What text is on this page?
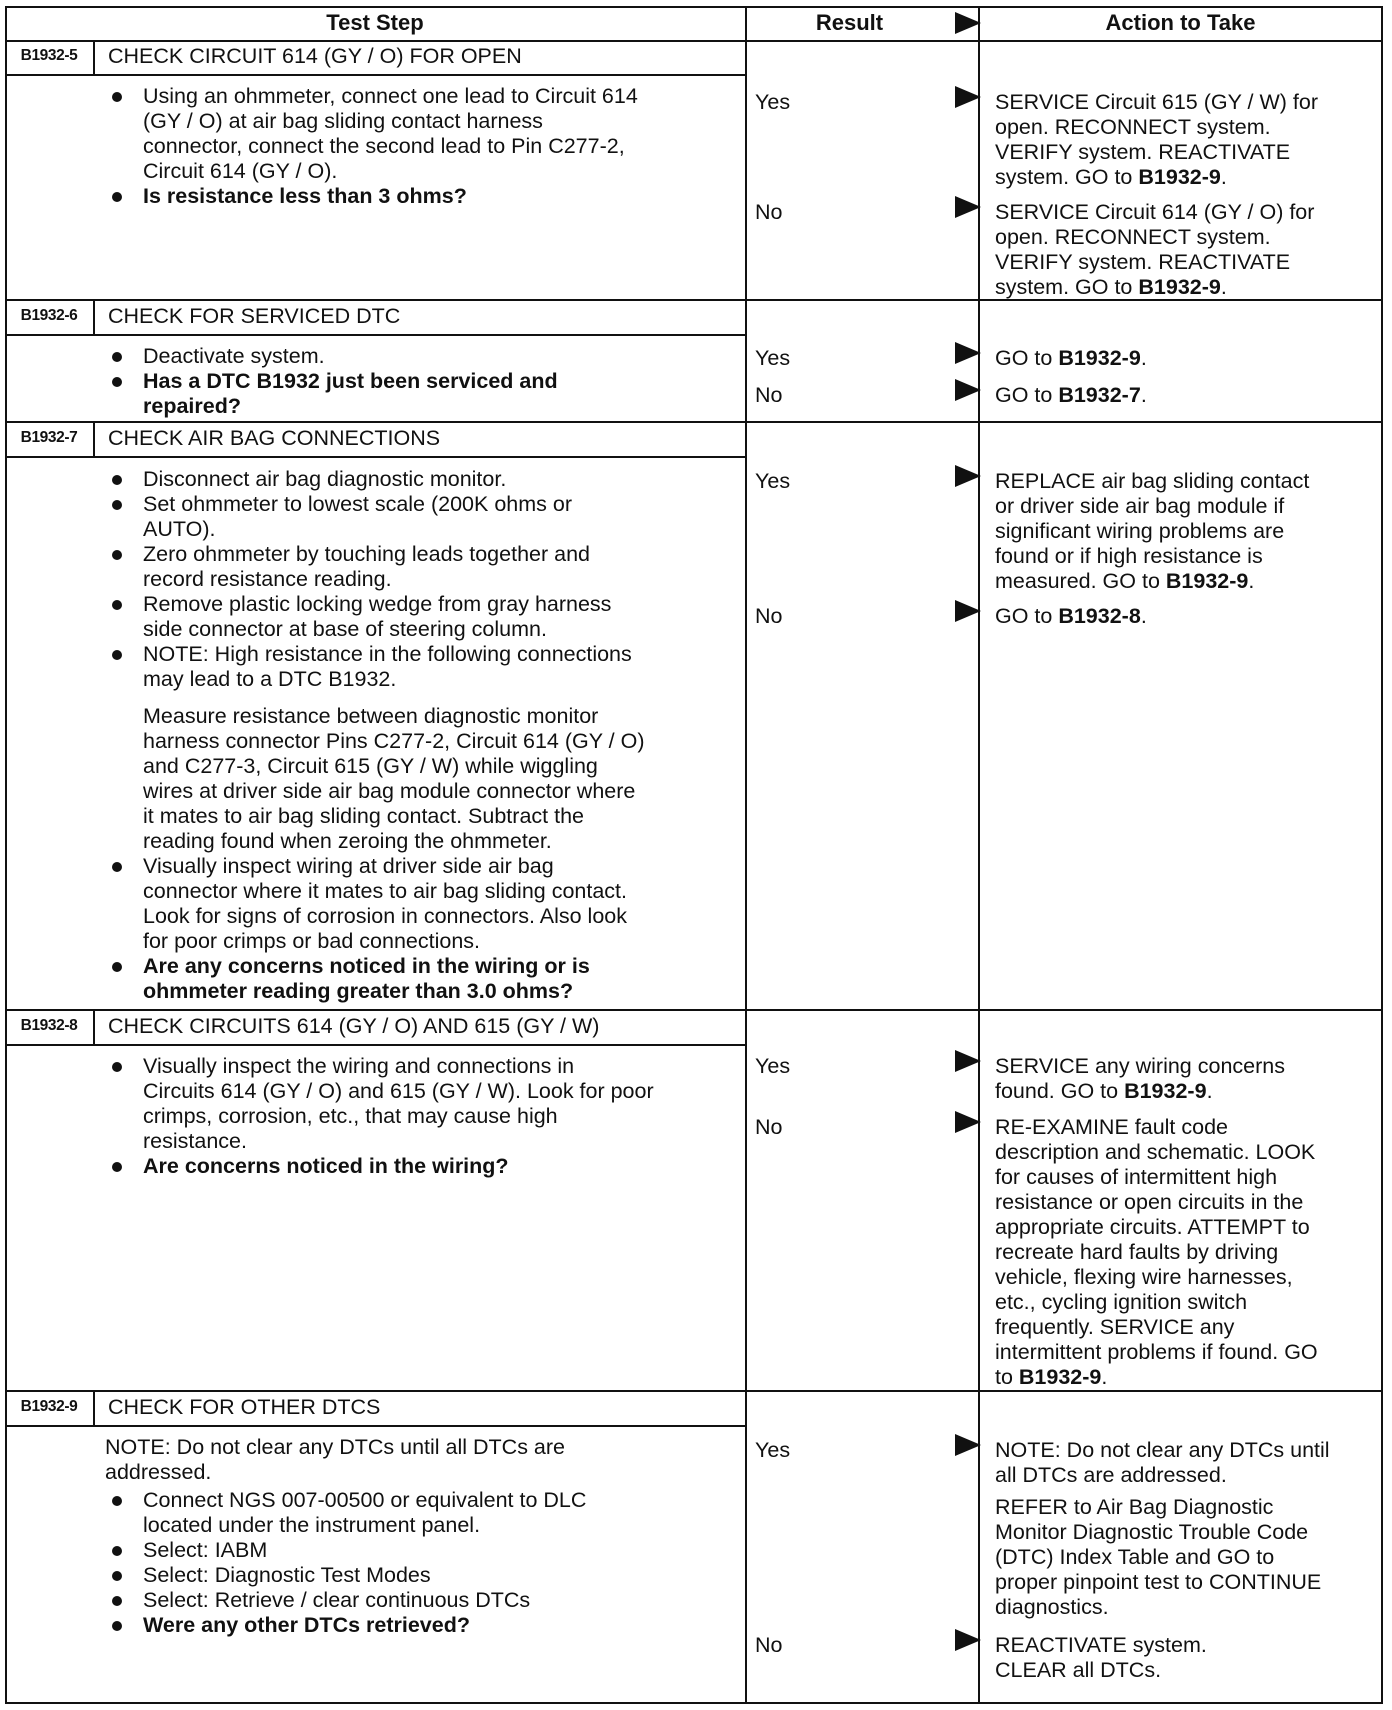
Test Step	Result	Action to Take
B1932-5	CHECK CIRCUIT 614 (GY / O) FOR OPEN
Using an ohmmeter, connect one lead to Circuit 614
(GY / O) at air bag sliding contact harness
connector, connect the second lead to Pin C277-2,
Circuit 614 (GY / O).
Is resistance less than 3 ohms?
Yes	SERVICE Circuit 615 (GY / W) for
open. RECONNECT system.
VERIFY system. REACTIVATE
system. GO to B1932-9.
No	SERVICE Circuit 614 (GY / O) for
open. RECONNECT system.
VERIFY system. REACTIVATE
system. GO to B1932-9.
B1932-6	CHECK FOR SERVICED DTC
Deactivate system.
Has a DTC B1932 just been serviced and
repaired?
Yes	GO to B1932-9.
No	GO to B1932-7.
B1932-7	CHECK AIR BAG CONNECTIONS
Disconnect air bag diagnostic monitor.
Set ohmmeter to lowest scale (200K ohms or
AUTO).
Zero ohmmeter by touching leads together and
record resistance reading.
Remove plastic locking wedge from gray harness
side connector at base of steering column.
NOTE: High resistance in the following connections
may lead to a DTC B1932.
Measure resistance between diagnostic monitor
harness connector Pins C277-2, Circuit 614 (GY / O)
and C277-3, Circuit 615 (GY / W) while wiggling
wires at driver side air bag module connector where
it mates to air bag sliding contact. Subtract the
reading found when zeroing the ohmmeter.
Visually inspect wiring at driver side air bag
connector where it mates to air bag sliding contact.
Look for signs of corrosion in connectors. Also look
for poor crimps or bad connections.
Are any concerns noticed in the wiring or is
ohmmeter reading greater than 3.0 ohms?
Yes	REPLACE air bag sliding contact
or driver side air bag module if
significant wiring problems are
found or if high resistance is
measured. GO to B1932-9.
No	GO to B1932-8.
B1932-8	CHECK CIRCUITS 614 (GY / O) AND 615 (GY / W)
Visually inspect the wiring and connections in
Circuits 614 (GY / O) and 615 (GY / W). Look for poor
crimps, corrosion, etc., that may cause high
resistance.
Are concerns noticed in the wiring?
Yes	SERVICE any wiring concerns
found. GO to B1932-9.
No	RE-EXAMINE fault code
description and schematic. LOOK
for causes of intermittent high
resistance or open circuits in the
appropriate circuits. ATTEMPT to
recreate hard faults by driving
vehicle, flexing wire harnesses,
etc., cycling ignition switch
frequently. SERVICE any
intermittent problems if found. GO
to B1932-9.
B1932-9	CHECK FOR OTHER DTCS
NOTE: Do not clear any DTCs until all DTCs are
addressed.
Connect NGS 007-00500 or equivalent to DLC
located under the instrument panel.
Select: IABM
Select: Diagnostic Test Modes
Select: Retrieve / clear continuous DTCs
Were any other DTCs retrieved?
Yes	NOTE: Do not clear any DTCs until
all DTCs are addressed.
REFER to Air Bag Diagnostic
Monitor Diagnostic Trouble Code
(DTC) Index Table and GO to
proper pinpoint test to CONTINUE
diagnostics.
No	REACTIVATE system.
CLEAR all DTCs.
